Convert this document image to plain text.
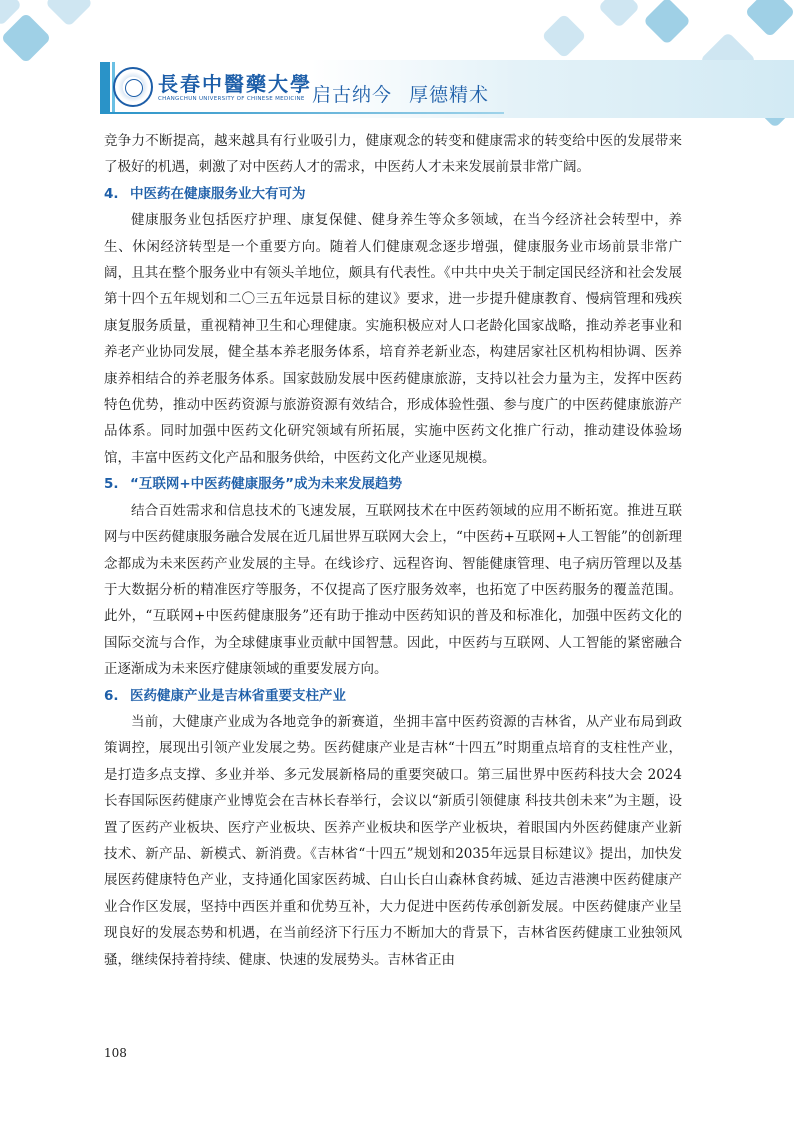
長春中醫藥大學
CHANGCHUN UNIVERSITY OF CHINESE MEDICINE 启古纳今 厚德精术

竞争力不断提高，越来越具有行业吸引力，健康观念的转变和健康需求的转变给中医的发展带来了极好的机遇，刺激了对中医药人才的需求，中医药人才未来发展前景非常广阔。

4. 中医药在健康服务业大有可为

健康服务业包括医疗护理、康复保健、健身养生等众多领域，在当今经济社会转型中，养生、休闲经济转型是一个重要方向。随着人们健康观念逐步增强，健康服务业市场前景非常广阔，且其在整个服务业中有领头羊地位，颇具有代表性。《中共中央关于制定国民经济和社会发展第十四个五年规划和二〇三五年远景目标的建议》要求，进一步提升健康教育、慢病管理和残疾康复服务质量，重视精神卫生和心理健康。实施积极应对人口老龄化国家战略，推动养老事业和养老产业协同发展，健全基本养老服务体系，培育养老新业态，构建居家社区机构相协调、医养康养相结合的养老服务体系。国家鼓励发展中医药健康旅游，支持以社会力量为主，发挥中医药特色优势，推动中医药资源与旅游资源有效结合，形成体验性强、参与度广的中医药健康旅游产品体系。同时加强中医药文化研究领域有所拓展，实施中医药文化推广行动，推动建设体验场馆，丰富中医药文化产品和服务供给，中医药文化产业逐见规模。

5. “互联网+中医药健康服务”成为未来发展趋势

结合百姓需求和信息技术的飞速发展，互联网技术在中医药领域的应用不断拓宽。推进互联网与中医药健康服务融合发展在近几届世界互联网大会上，“中医药+互联网+人工智能”的创新理念都成为未来医药产业发展的主导。在线诊疗、远程咨询、智能健康管理、电子病历管理以及基于大数据分析的精准医疗等服务，不仅提高了医疗服务效率，也拓宽了中医药服务的覆盖范围。此外，“互联网+中医药健康服务”还有助于推动中医药知识的普及和标准化，加强中医药文化的国际交流与合作，为全球健康事业贡献中国智慧。因此，中医药与互联网、人工智能的紧密融合正逐渐成为未来医疗健康领域的重要发展方向。

6. 医药健康产业是吉林省重要支柱产业

当前，大健康产业成为各地竞争的新赛道，坐拥丰富中医药资源的吉林省，从产业布局到政策调控，展现出引领产业发展之势。医药健康产业是吉林“十四五”时期重点培育的支柱性产业，是打造多点支撑、多业并举、多元发展新格局的重要突破口。第三届世界中医药科技大会 2024 长春国际医药健康产业博览会在吉林长春举行，会议以“新质引领健康 科技共创未来”为主题，设置了医药产业板块、医疗产业板块、医养产业板块和医学产业板块，着眼国内外医药健康产业新技术、新产品、新模式、新消费。《吉林省“十四五”规划和2035年远景目标建议》提出，加快发展医药健康特色产业，支持通化国家医药城、白山长白山森林食药城、延边吉港澳中医药健康产业合作区发展，坚持中西医并重和优势互补，大力促进中医药传承创新发展。中医药健康产业呈现良好的发展态势和机遇，在当前经济下行压力不断加大的背景下，吉林省医药健康工业独领风骚，继续保持着持续、健康、快速的发展势头。吉林省正由

108
